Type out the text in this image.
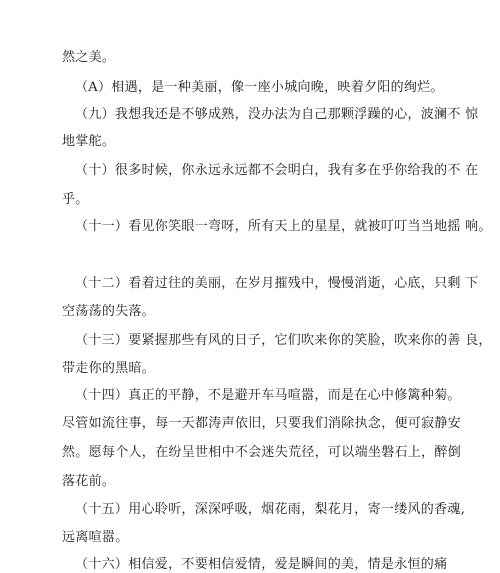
然之美。
（A）相遇，是一种美丽，像一座小城向晚，映着夕阳的绚烂。
（九）我想我还是不够成熟，没办法为自己那颗浮躁的心，波澜不 惊
地掌舵。
（十）很多时候，你永远永远都不会明白，我有多在乎你给我的不 在
乎。
（十一）看见你笑眼一弯呀，所有天上的星星，就被叮叮当当地摇 响。
（十二）看着过往的美丽，在岁月摧残中，慢慢消逝，心底，只剩 下
空荡荡的失落。
（十三）要紧握那些有风的日子，它们吹来你的笑脸，吹来你的善 良，
带走你的黑暗。
（十四）真正的平静，不是避开车马喧嚣，而是在心中修篱种菊。
尽管如流往事，每一天都涛声依旧，只要我们消除执念，便可寂静安
然。愿每个人，在纷呈世相中不会迷失荒径，可以端坐磐石上，醉倒
落花前。
（十五）用心聆听，深深呼吸，烟花雨，梨花月，寄一缕风的香魂,
远离喧嚣。
（十六）相信爱，不要相信爱情，爱是瞬间的美，情是永恒的痛
